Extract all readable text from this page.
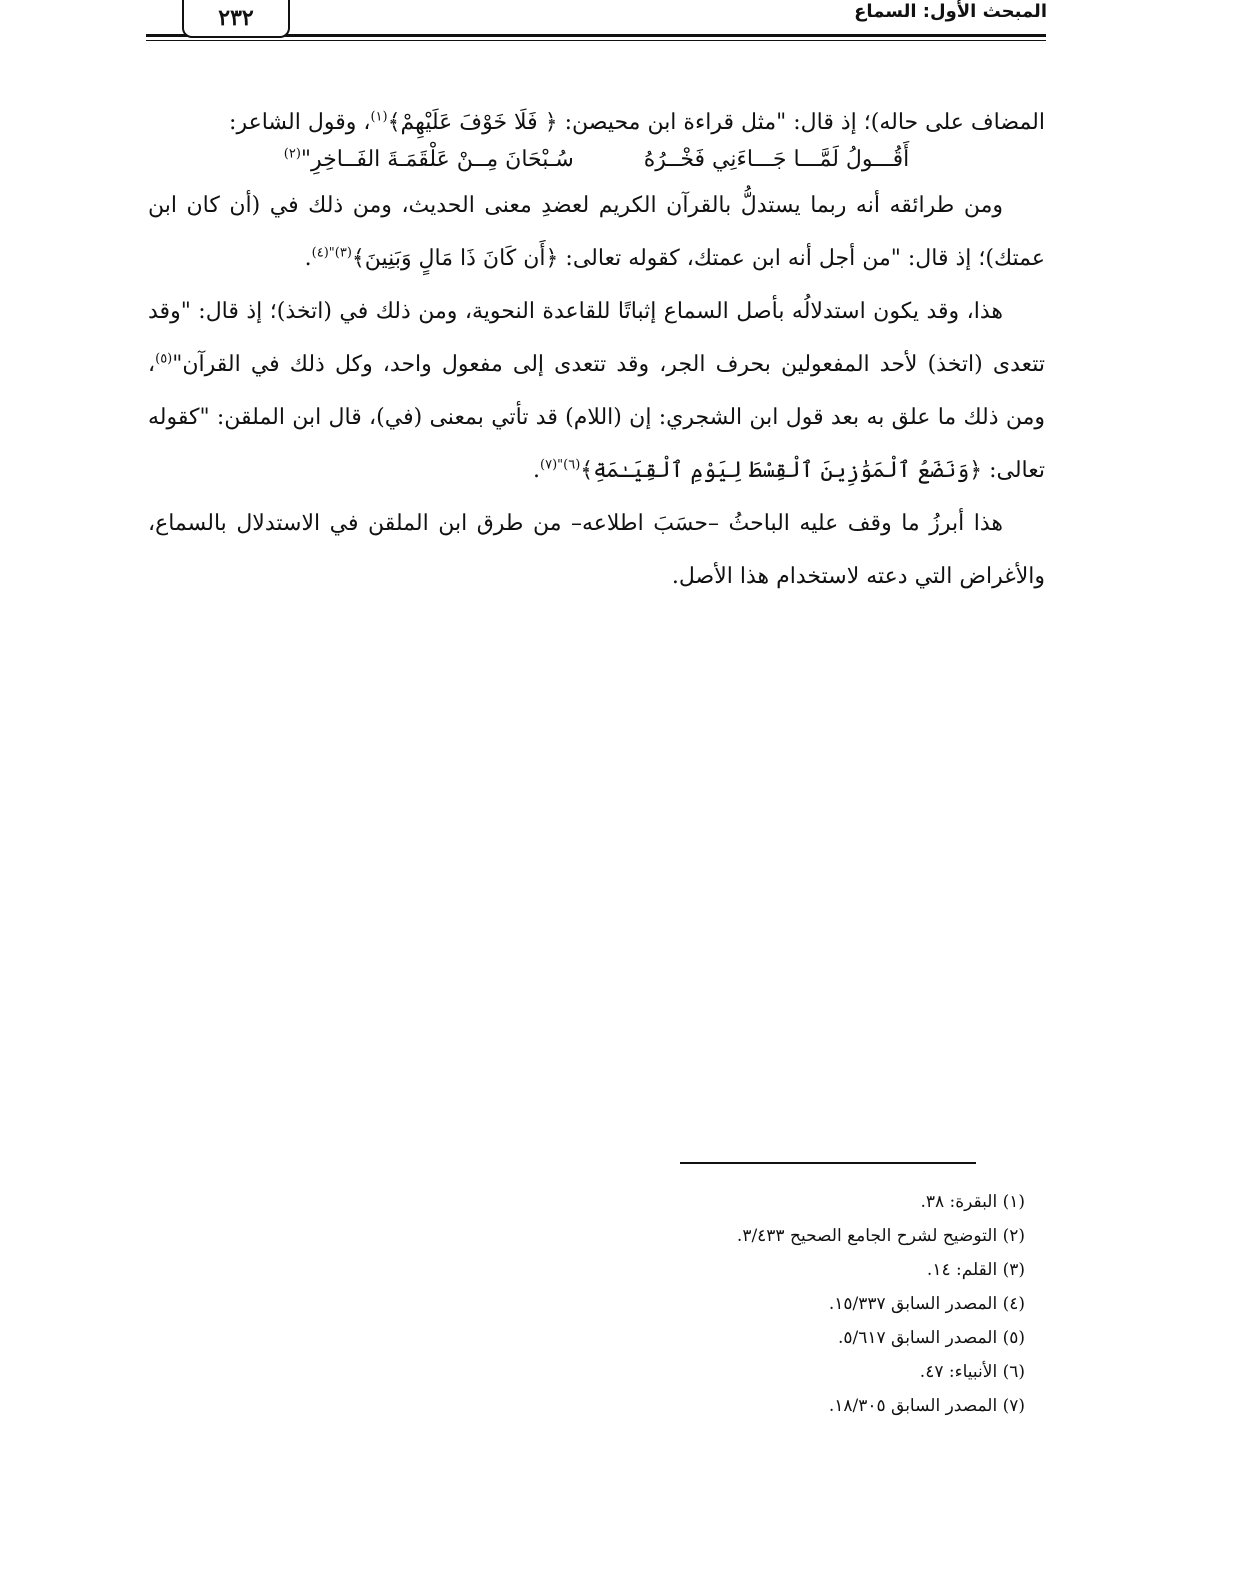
٢٣٢	المبحث الأول: السماع

المضاف على حاله)؛ إذ قال: "مثل قراءة ابن محيصن: ﴿ فَلَا خَوْفَ عَلَيْهِمْ﴾$^{(١)}$، وقول الشاعر:

أَقُـــولُ لَمَّـــا جَـــاءَنِي فَخْــرُهُ
سُـبْحَانَ مِــنْ عَلْقَمَـةَ الفَــاخِرِ"$^{(٢)}$

ومن طرائقه أنه ربما يستدلُّ بالقرآن الكريم لعضدِ معنى الحديث، ومن ذلك في (أن كان ابن عمتك)؛ إذ قال: "من أجل أنه ابن عمتك، كقوله تعالى: ﴿أَن كَانَ ذَا مَالٍ وَبَنِينَ﴾$^{(٣)"(٤)}$.

هذا، وقد يكون استدلالُه بأصل السماع إثباتًا للقاعدة النحوية، ومن ذلك في (اتخذ)؛ إذ قال: "وقد تتعدى (اتخذ) لأحد المفعولين بحرف الجر، وقد تتعدى إلى مفعول واحد، وكل ذلك في القرآن"$^{(٥)}$، ومن ذلك ما علق به بعد قول ابن الشجري: إن (اللام) قد تأتي بمعنى (في)، قال ابن الملقن: "كقوله تعالى: ﴿وَنَضَعُ ٱلْمَوَٰزِينَ ٱلْقِسْطَ لِيَوْمِ ٱلْقِيَـٰمَةِ﴾$^{(٦)"(٧)}$.

هذا أبرزُ ما وقف عليه الباحثُ –حسَبَ اطلاعه– من طرق ابن الملقن في الاستدلال بالسماع، والأغراض التي دعته لاستخدام هذا الأصل.

(١) البقرة: ٣٨.

(٢) التوضيح لشرح الجامع الصحيح ٣/٤٣٣.

(٣) القلم: ١٤.

(٤) المصدر السابق ١٥/٣٣٧.

(٥) المصدر السابق ٥/٦١٧.

(٦) الأنبياء: ٤٧.

(٧) المصدر السابق ١٨/٣٠٥.
